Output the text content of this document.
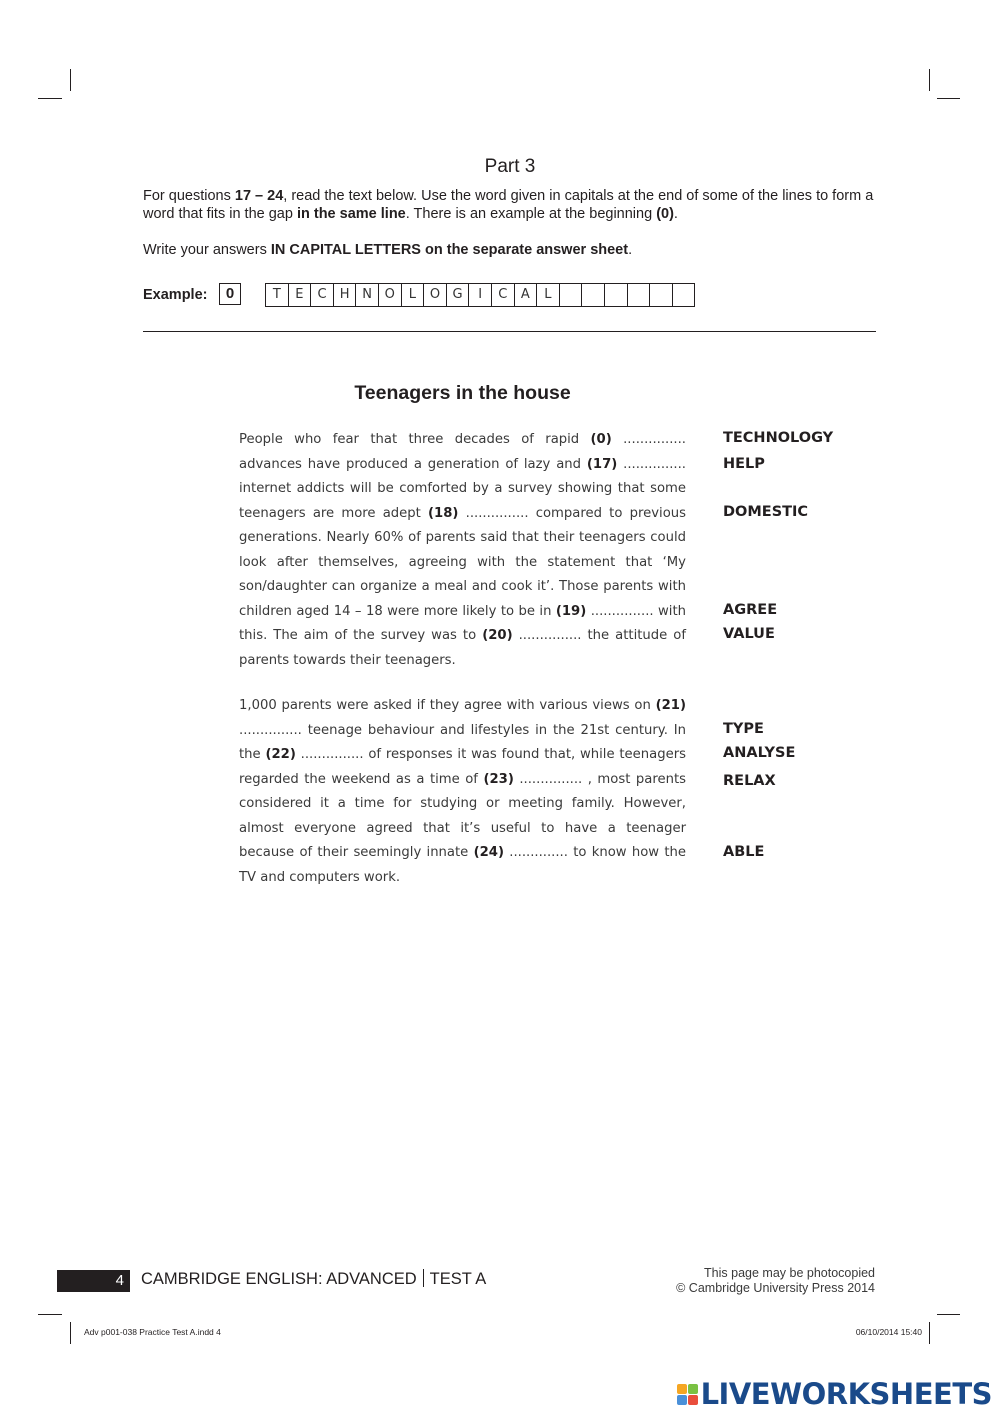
Part 3
For questions 17 – 24, read the text below. Use the word given in capitals at the end of some of the lines to form a word that fits in the gap in the same line. There is an example at the beginning (0).
Write your answers IN CAPITAL LETTERS on the separate answer sheet.
Example:	0	T	E	C	H N O	L	O G	I	C	A	L
Teenagers in the house
People who fear that three decades of rapid (0) ............... advances have produced a generation of lazy and (17) ............... internet addicts will be comforted by a survey showing that some teenagers are more adept (18) ............... compared to previous generations. Nearly 60% of parents said that their teenagers could look after themselves, agreeing with the statement that ‘My son/daughter can organize a meal and cook it’. Those parents with children aged 14 – 18 were more likely to be in (19) ............... with this. The aim of the survey was to (20) ............... the attitude of parents towards their teenagers.
1,000 parents were asked if they agree with various views on (21) ............... teenage behaviour and lifestyles in the 21st century. In the (22) ............... of responses it was found that, while teenagers regarded the weekend as a time of (23) ............... , most parents considered it a time for studying or meeting family. However, almost everyone agreed that it’s useful to have a teenager because of their seemingly innate (24) .............. to know how the TV and computers work.
TECHNOLOGY
HELP
DOMESTIC
AGREE
VALUE
TYPE
ANALYSE
RELAX
ABLE
4	CAMBRIDGE ENGLISH: ADVANCED TEST A	This page may be photocopied
© Cambridge University Press 2014
Adv p001-038 Practice Test A.indd 4	06/10/2014 15:40
LIVEWORKSHEETS
